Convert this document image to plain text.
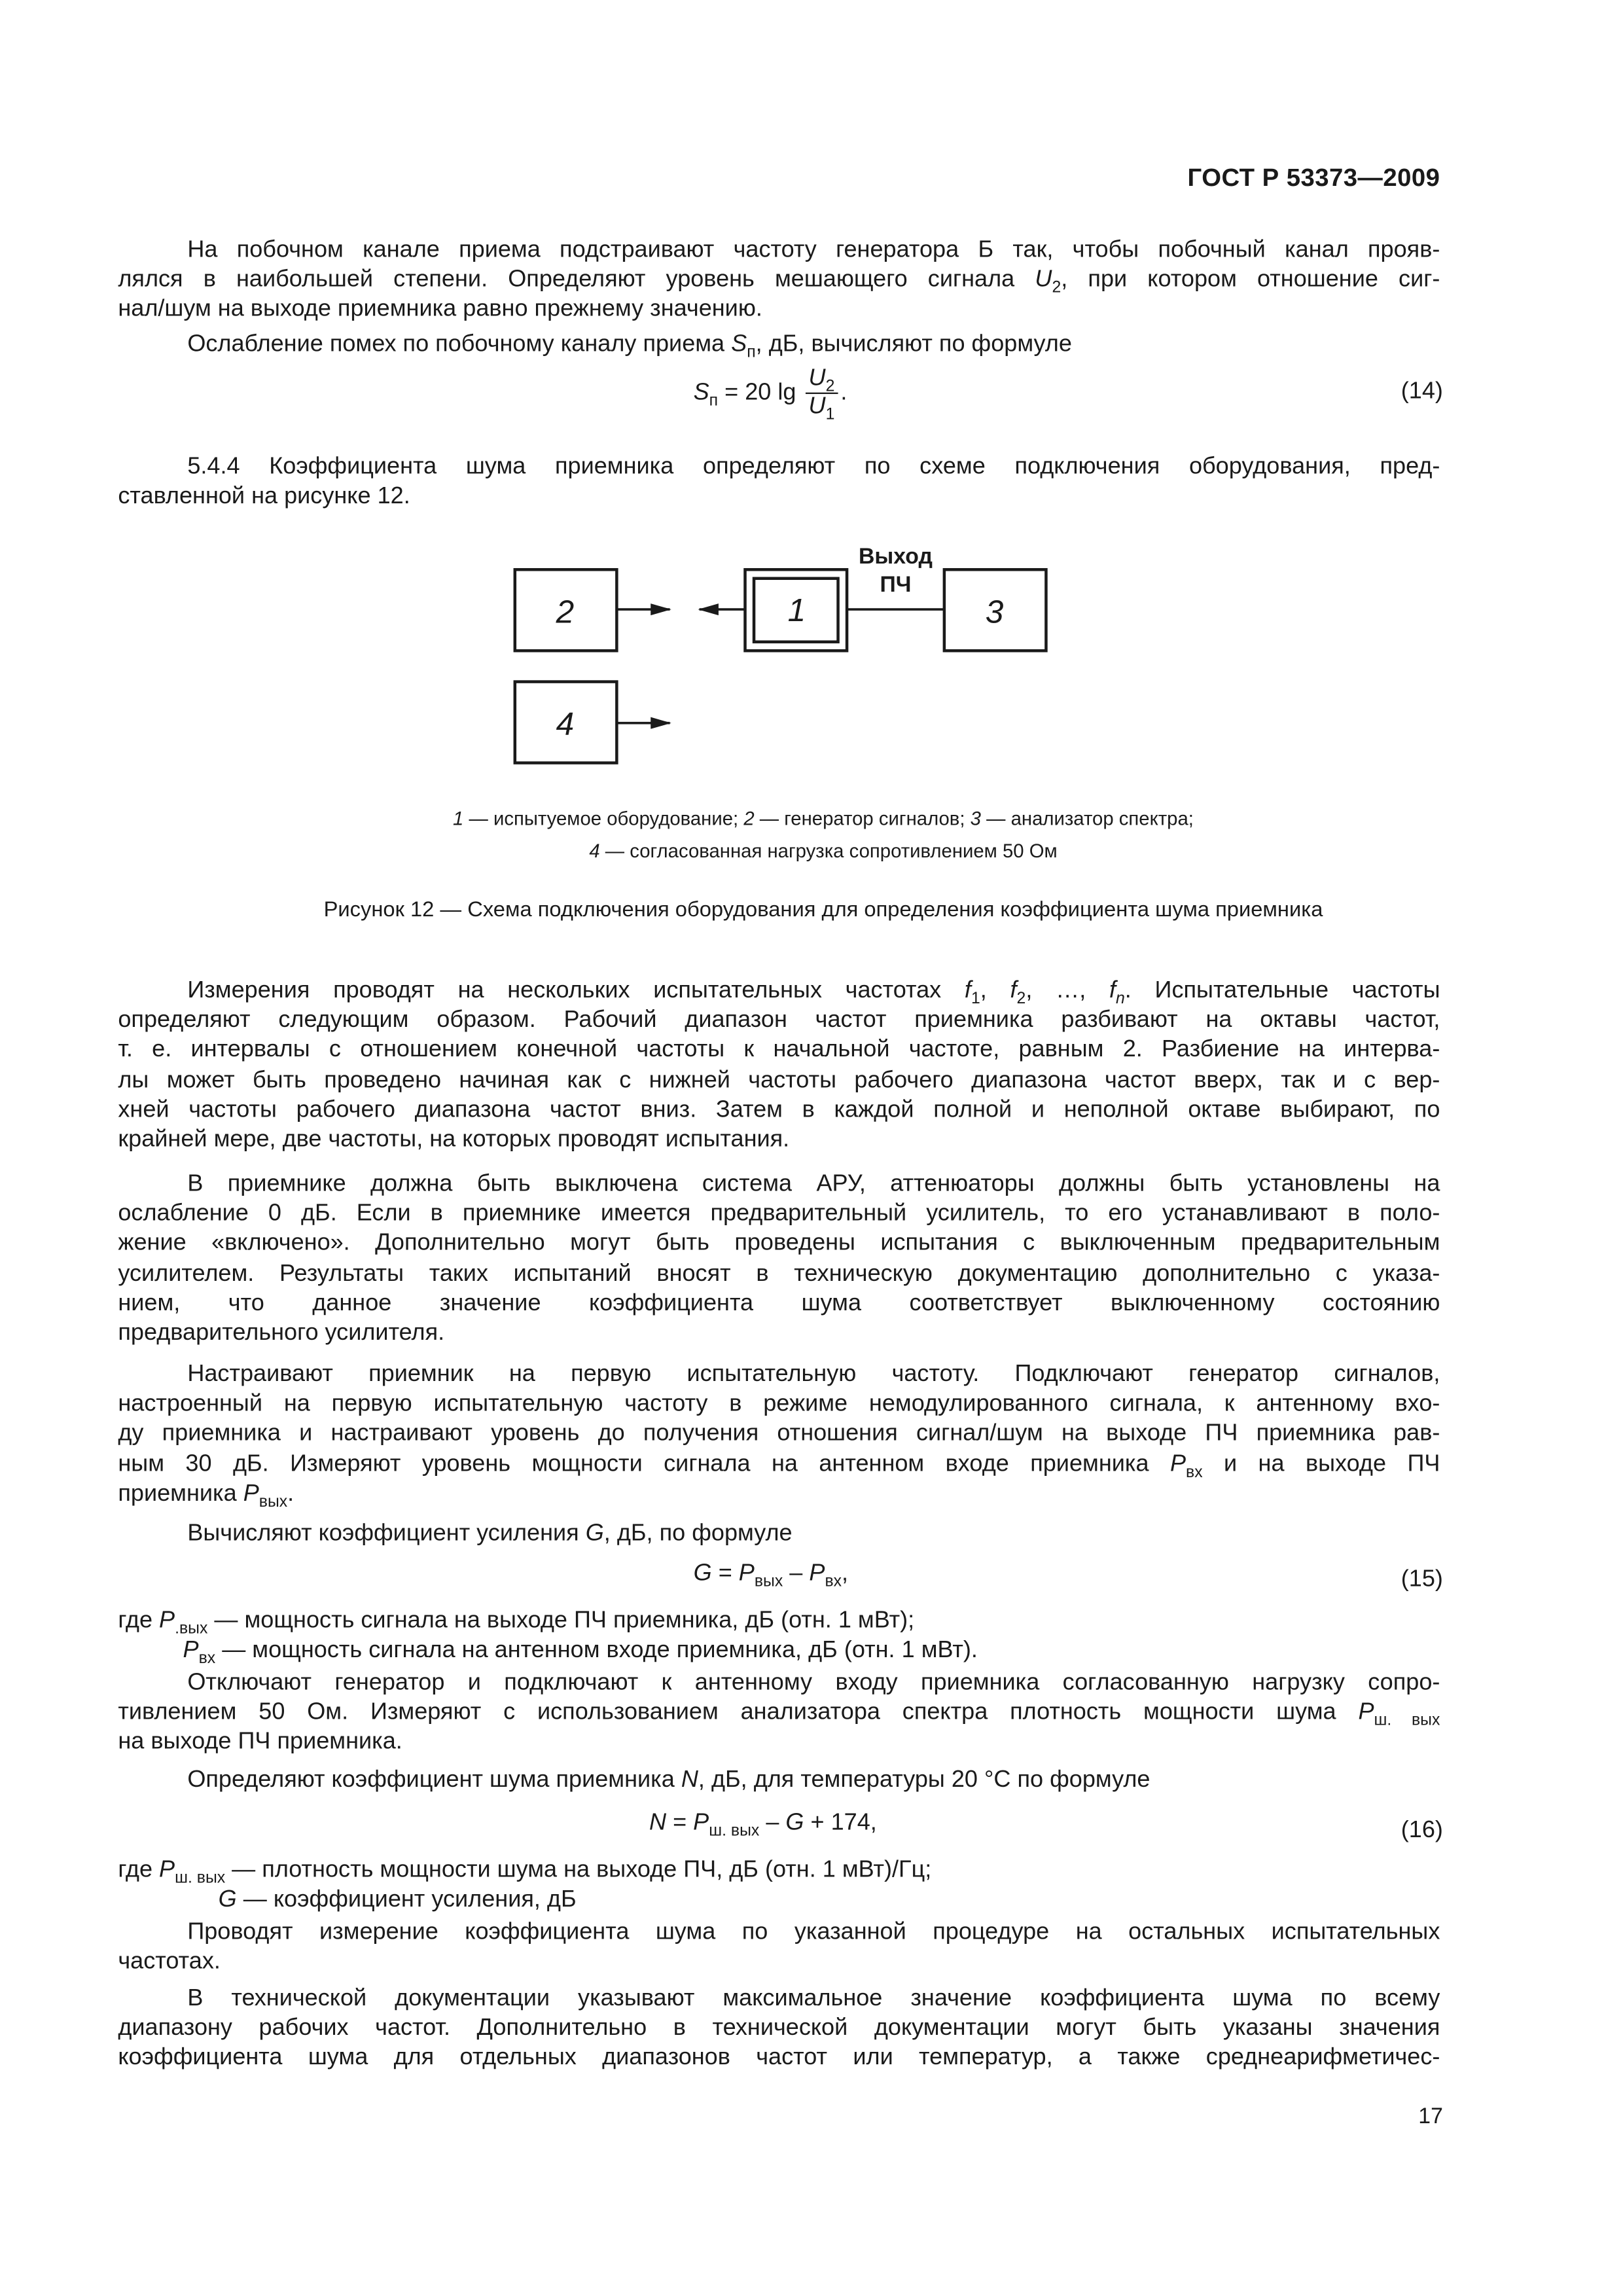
ГОСТ Р 53373—2009
На побочном канале приема подстраивают частоту генератора Б так, чтобы побочный канал прояв-
лялся в наибольшей степени. Определяют уровень мешающего сигнала $U_2$, при котором отношение сиг-
нал/шум на выходе приемника равно прежнему значению.
Ослабление помех по побочному каналу приема $S_п$, дБ, вычисляют по формуле
$S_п = 20$ $\lg \frac{U_2}{U_1}$ .	(14)
5.4.4 Коэффициента шума приемника определяют по схеме подключения оборудования, пред-
ставленной на рисунке 12.
2	1
Выход
ПЧ
3
4
1 — испытуемое оборудование; 2 — генератор сигналов; 3 — анализатор спектра;
4 — согласованная нагрузка сопротивлением 50 Ом
Рисунок 12 — Схема подключения оборудования для определения коэффициента шума приемника
Измерения проводят на нескольких испытательных частотах $f_1$, $f_2$, …, $f_n$. Испытательные частоты
определяют следующим образом. Рабочий диапазон частот приемника разбивают на октавы частот,
т. е. интервалы с отношением конечной частоты к начальной частоте, равным 2. Разбиение на интерва-
лы может быть проведено начиная как с нижней частоты рабочего диапазона частот вверх, так и с вер-
хней частоты рабочего диапазона частот вниз. Затем в каждой полной и неполной октаве выбирают, по
крайней мере, две частоты, на которых проводят испытания.
В приемнике должна быть выключена система АРУ, аттенюаторы должны быть установлены на
ослабление 0 дБ. Если в приемнике имеется предварительный усилитель, то его устанавливают в поло-
жение «включено». Дополнительно могут быть проведены испытания с выключенным предварительным
усилителем. Результаты таких испытаний вносят в техническую документацию дополнительно с указа-
нием, что данное значение коэффициента шума соответствует выключенному состоянию
предварительного усилителя.
Настраивают приемник на первую испытательную частоту. Подключают генератор сигналов,
настроенный на первую испытательную частоту в режиме немодулированного сигнала, к антенному вхо-
ду приемника и настраивают уровень до получения отношения сигнал/шум на выходе ПЧ приемника рав-
ным 30 дБ. Измеряют уровень мощности сигнала на антенном входе приемника $P_{вх}$ и на выходе ПЧ
приемника $P_{вых}$.
Вычисляют коэффициент усиления G, дБ, по формуле
$G = P_{вых} - P_{вх}$,	(15)
где $P_{.вых}$ — мощность сигнала на выходе ПЧ приемника, дБ (отн. 1 мВт);
$P_{вх}$ — мощность сигнала на антенном входе приемника, дБ (отн. 1 мВт).
Отключают генератор и подключают к антенному входу приемника согласованную нагрузку сопро-
тивлением 50 Ом. Измеряют с использованием анализатора спектра плотность мощности шума $P_{ш. вых}$
на выходе ПЧ приемника.
Определяют коэффициент шума приемника N, дБ, для температуры 20 °С по формуле
$N = P_{ш. вых} - G + 174$,	(16)
где $P_{ш. вых}$ — плотность мощности шума на выходе ПЧ, дБ (отн. 1 мВт)/Гц;
G — коэффициент усиления, дБ
Проводят измерение коэффициента шума по указанной процедуре на остальных испытательных
частотах.
В технической документации указывают максимальное значение коэффициента шума по всему
диапазону рабочих частот. Дополнительно в технической документации могут быть указаны значения
коэффициента шума для отдельных диапазонов частот или температур, а также среднеарифметичес-
17
